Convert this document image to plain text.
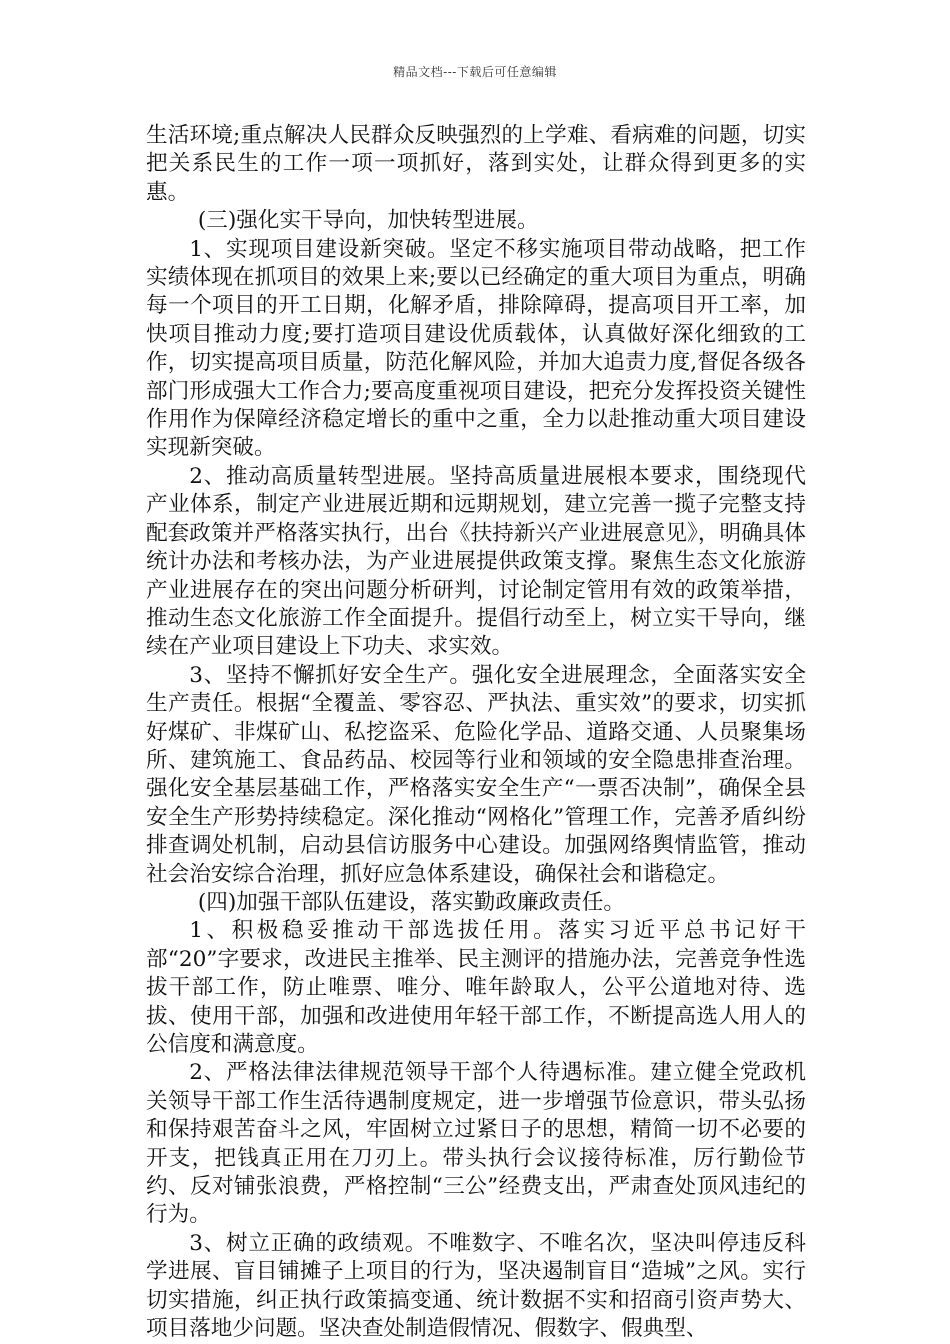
精品文档---下载后可任意编辑

生活环境;重点解决人民群众反映强烈的上学难、看病难的问题，切实把关系民生的工作一项一项抓好，落到实处，让群众得到更多的实惠。

(三)强化实干导向，加快转型进展。

1、实现项目建设新突破。坚定不移实施项目带动战略，把工作实绩体现在抓项目的效果上来;要以已经确定的重大项目为重点，明确每一个项目的开工日期，化解矛盾，排除障碍，提高项目开工率，加快项目推动力度;要打造项目建设优质载体，认真做好深化细致的工作，切实提高项目质量，防范化解风险，并加大追责力度,督促各级各部门形成强大工作合力;要高度重视项目建设，把充分发挥投资关键性作用作为保障经济稳定增长的重中之重，全力以赴推动重大项目建设实现新突破。

2、推动高质量转型进展。坚持高质量进展根本要求，围绕现代产业体系，制定产业进展近期和远期规划，建立完善一揽子完整支持配套政策并严格落实执行，出台《扶持新兴产业进展意见》，明确具体统计办法和考核办法，为产业进展提供政策支撑。聚焦生态文化旅游产业进展存在的突出问题分析研判，讨论制定管用有效的政策举措，推动生态文化旅游工作全面提升。提倡行动至上，树立实干导向，继续在产业项目建设上下功夫、求实效。

3、坚持不懈抓好安全生产。强化安全进展理念，全面落实安全生产责任。根据“全覆盖、零容忍、严执法、重实效”的要求，切实抓好煤矿、非煤矿山、私挖盗采、危险化学品、道路交通、人员聚集场所、建筑施工、食品药品、校园等行业和领域的安全隐患排查治理。强化安全基层基础工作，严格落实安全生产“一票否决制”，确保全县安全生产形势持续稳定。深化推动“网格化”管理工作，完善矛盾纠纷排查调处机制，启动县信访服务中心建设。加强网络舆情监管，推动社会治安综合治理，抓好应急体系建设，确保社会和谐稳定。

(四)加强干部队伍建设，落实勤政廉政责任。

1、积极稳妥推动干部选拔任用。落实习近平总书记好干部“20”字要求，改进民主推举、民主测评的措施办法，完善竞争性选拔干部工作，防止唯票、唯分、唯年龄取人，公平公道地对待、选拔、使用干部，加强和改进使用年轻干部工作，不断提高选人用人的公信度和满意度。

2、严格法律法律规范领导干部个人待遇标准。建立健全党政机关领导干部工作生活待遇制度规定，进一步增强节俭意识，带头弘扬和保持艰苦奋斗之风，牢固树立过紧日子的思想，精简一切不必要的开支，把钱真正用在刀刃上。带头执行会议接待标准，厉行勤俭节约、反对铺张浪费，严格控制“三公”经费支出，严肃查处顶风违纪的行为。

3、树立正确的政绩观。不唯数字、不唯名次，坚决叫停违反科学进展、盲目铺摊子上项目的行为，坚决遏制盲目“造城”之风。实行切实措施，纠正执行政策搞变通、统计数据不实和招商引资声势大、项目落地少问题。坚决查处制造假情况、假数字、假典型、
